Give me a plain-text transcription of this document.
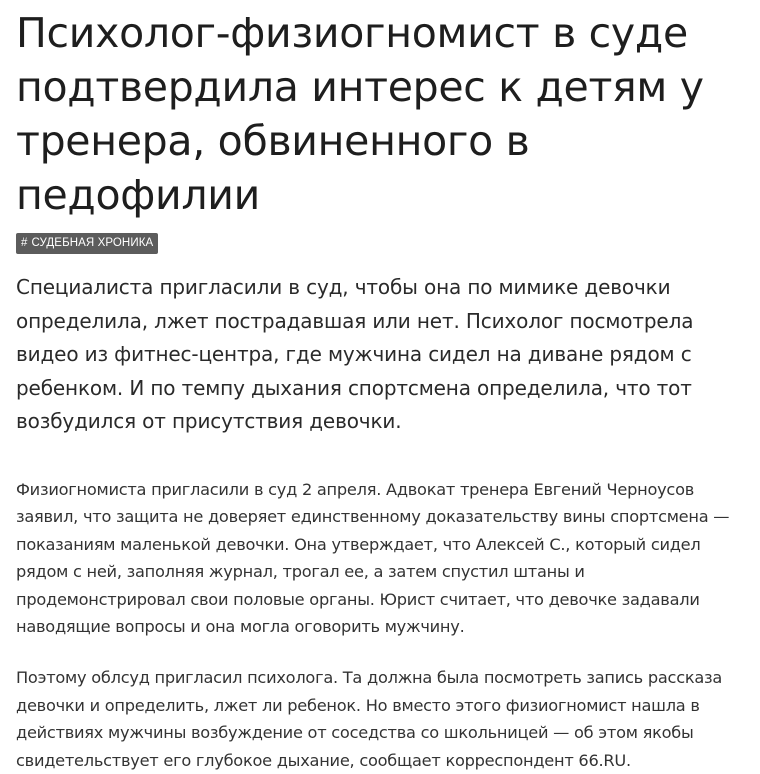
Психолог-физиогномист в суде подтвердила интерес к детям у тренера, обвиненного в педофилии
# СУДЕБНАЯ ХРОНИКА

Специалиста пригласили в суд, чтобы она по мимике девочки определила, лжет пострадавшая или нет. Психолог посмотрела видео из фитнес-центра, где мужчина сидел на диване рядом с ребенком. И по темпу дыхания спортсмена определила, что тот возбудился от присутствия девочки.

Физиогномиста пригласили в суд 2 апреля. Адвокат тренера Евгений Черноусов заявил, что защита не доверяет единственному доказательству вины спортсмена — показаниям маленькой девочки. Она утверждает, что Алексей С., который сидел рядом с ней, заполняя журнал, трогал ее, а затем спустил штаны и продемонстрировал свои половые органы. Юрист считает, что девочке задавали наводящие вопросы и она могла оговорить мужчину.

Поэтому облсуд пригласил психолога. Та должна была посмотреть запись рассказа девочки и определить, лжет ли ребенок. Но вместо этого физиогномист нашла в действиях мужчины возбуждение от соседства со школьницей — об этом якобы свидетельствует его глубокое дыхание, сообщает корреспондент 66.RU.
